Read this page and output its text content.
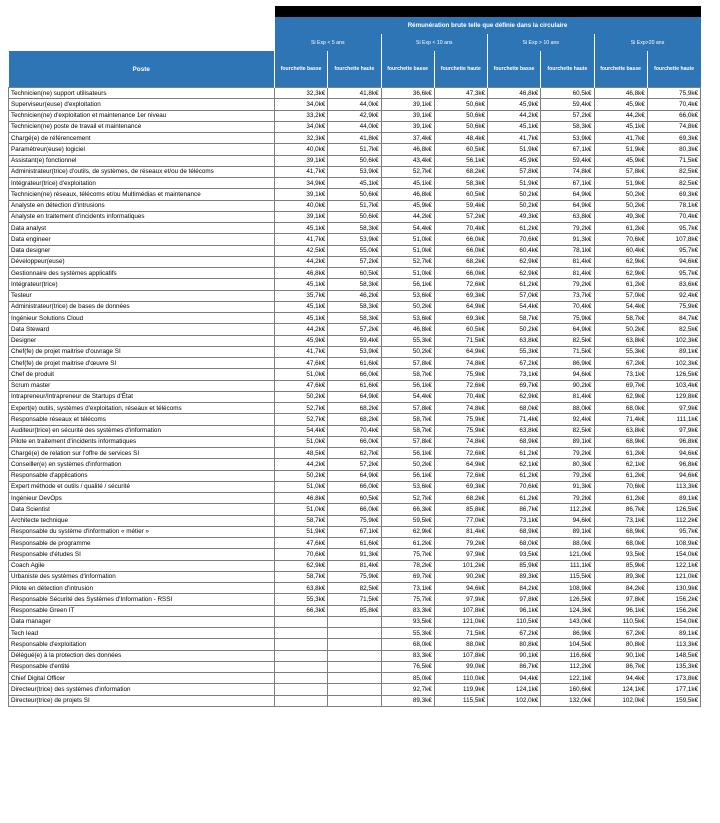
	Rémunération brute telle que définie dans la circulaire							
	Si Exp < 5 ans		Si Exp < 10 ans		Si Exp > 10 ans		Si Exp>20 ans	
Poste	fourchette basse	fourchette haute	fourchette basse	fourchette haute	fourchette basse	fourchette haute	fourchette basse	fourchette haute
Technicien(ne) support utilisateurs	32,3k€	41,8k€	36,6k€	47,3k€	46,8k€	60,5k€	46,8k€	75,9k€
Superviseur(euse) d'exploitation	34,0k€	44,0k€	39,1k€	50,6k€	45,9k€	59,4k€	45,9k€	70,4k€
Technicien(ne) d'exploitation et maintenance 1er niveau	33,2k€	42,9k€	39,1k€	50,6k€	44,2k€	57,2k€	44,2k€	66,0k€
Technicien(ne) poste de travail et maintenance	34,0k€	44,0k€	39,1k€	50,6k€	45,1k€	58,3k€	45,1k€	74,8k€
Chargé(e) de référencement	32,3k€	41,8k€	37,4k€	48,4k€	41,7k€	53,9k€	41,7k€	69,3k€
Paramétreur(euse) logiciel	40,0k€	51,7k€	46,8k€	60,5k€	51,9k€	67,1k€	51,9k€	80,3k€
Assistant(e) fonctionnel	39,1k€	50,6k€	43,4k€	56,1k€	45,9k€	59,4k€	45,9k€	71,5k€
Administrateur(trice) d'outils, de systèmes, de réseaux et/ou de télécoms	41,7k€	53,9k€	52,7k€	68,2k€	57,8k€	74,8k€	57,8k€	82,5k€
Intégrateur(trice) d'exploitation	34,9k€	45,1k€	45,1k€	58,3k€	51,9k€	67,1k€	51,9k€	82,5k€
Technicien(ne) réseaux, télécoms et/ou Multimédias et maintenance	39,1k€	50,6k€	46,8k€	60,5k€	50,2k€	64,9k€	50,2k€	69,3k€
Analyste en détection d'intrusions	40,0k€	51,7k€	45,9k€	59,4k€	50,2k€	64,9k€	50,2k€	78,1k€
Analyste en traitement d'incidents informatiques	39,1k€	50,6k€	44,2k€	57,2k€	49,3k€	63,8k€	49,3k€	70,4k€
Data analyst	45,1k€	58,3k€	54,4k€	70,4k€	61,2k€	79,2k€	61,2k€	95,7k€
Data engineer	41,7k€	53,9k€	51,0k€	66,0k€	70,6k€	91,3k€	70,6k€	107,8k€
Data designer	42,5k€	55,0k€	51,0k€	66,0k€	60,4k€	78,1k€	60,4k€	95,7k€
Développeur(euse)	44,2k€	57,2k€	52,7k€	68,2k€	62,9k€	81,4k€	62,9k€	94,6k€
Gestionnaire des systèmes applicatifs	46,8k€	60,5k€	51,0k€	66,0k€	62,9k€	81,4k€	62,9k€	95,7k€
Intégrateur(trice)	45,1k€	58,3k€	56,1k€	72,6k€	61,2k€	79,2k€	61,2k€	83,6k€
Testeur	35,7k€	46,2k€	53,6k€	69,3k€	57,0k€	73,7k€	57,0k€	92,4k€
Administrateur(trice) de bases de données	45,1k€	58,3k€	50,2k€	64,9k€	54,4k€	70,4k€	54,4k€	75,9k€
Ingénieur Solutions Cloud	45,1k€	58,3k€	53,6k€	69,3k€	58,7k€	75,9k€	58,7k€	84,7k€
Data Steward	44,2k€	57,2k€	46,8k€	60,5k€	50,2k€	64,9k€	50,2k€	82,5k€
Designer	45,9k€	59,4k€	55,3k€	71,5k€	63,8k€	82,5k€	63,8k€	102,3k€
Chef(fe) de projet maitrise d'ouvrage SI	41,7k€	53,9k€	50,2k€	64,9k€	55,3k€	71,5k€	55,3k€	89,1k€
Chef(fe) de projet maitrise d'œuvre SI	47,6k€	61,6k€	57,8k€	74,8k€	67,2k€	86,9k€	67,2k€	102,3k€
Chef de produit	51,0k€	66,0k€	58,7k€	75,9k€	73,1k€	94,6k€	73,1k€	126,5k€
Scrum master	47,6k€	61,6k€	56,1k€	72,6k€	69,7k€	90,2k€	69,7k€	103,4k€
Intrapreneur/Intrapreneur de Startups d'État	50,2k€	64,9k€	54,4k€	70,4k€	62,9k€	81,4k€	62,9k€	129,8k€
Expert(e) outils, systèmes d'exploitation, réseaux et télécoms	52,7k€	68,2k€	57,8k€	74,8k€	68,0k€	88,0k€	68,0k€	97,9k€
Responsable réseaux et télécoms	52,7k€	68,2k€	58,7k€	75,9k€	71,4k€	92,4k€	71,4k€	111,1k€
Auditeur(trice) en sécurité des systèmes d'information	54,4k€	70,4k€	58,7k€	75,9k€	63,8k€	82,5k€	63,8k€	97,9k€
Pilote en traitement d'incidents informatiques	51,0k€	66,0k€	57,8k€	74,8k€	68,9k€	89,1k€	68,9k€	96,8k€
Chargé(e) de relation sur l'offre de services SI	48,5k€	62,7k€	56,1k€	72,6k€	61,2k€	79,2k€	61,2k€	94,6k€
Conseiller(e) en systèmes d'information	44,2k€	57,2k€	50,2k€	64,9k€	62,1k€	80,3k€	62,1k€	96,8k€
Responsable d'applications	50,2k€	64,9k€	56,1k€	72,6k€	61,2k€	79,2k€	61,2k€	94,6k€
Expert méthode et outils / qualité / sécurité	51,0k€	66,0k€	53,6k€	69,3k€	70,6k€	91,3k€	70,6k€	113,3k€
Ingénieur DevOps	46,8k€	60,5k€	52,7k€	68,2k€	61,2k€	79,2k€	61,2k€	89,1k€
Data Scientist	51,0k€	66,0k€	66,3k€	85,8k€	86,7k€	112,2k€	86,7k€	126,5k€
Architecte technique	58,7k€	75,9k€	59,5k€	77,0k€	73,1k€	94,6k€	73,1k€	112,2k€
Responsable du système d'information « métier »	51,9k€	67,1k€	62,9k€	81,4k€	68,9k€	89,1k€	68,9k€	95,7k€
Responsable de programme	47,6k€	61,6k€	61,2k€	79,2k€	68,0k€	88,0k€	68,0k€	108,9k€
Responsable d'études SI	70,6k€	91,3k€	75,7k€	97,9k€	93,5k€	121,0k€	93,5k€	154,0k€
Coach Agile	62,9k€	81,4k€	78,2k€	101,2k€	85,9k€	111,1k€	85,9k€	122,1k€
Urbaniste des systèmes d'information	58,7k€	75,9k€	69,7k€	90,2k€	89,3k€	115,5k€	89,3k€	121,0k€
Pilote en détection d'intrusion	63,8k€	82,5k€	73,1k€	94,6k€	84,2k€	108,9k€	84,2k€	130,9k€
Responsable Sécurité des Systèmes d'Information - RSSI	55,3k€	71,5k€	75,7k€	97,9k€	97,8k€	126,5k€	97,8k€	156,2k€
Responsable Green IT	66,3k€	85,8k€	83,3k€	107,8k€	96,1k€	124,3k€	96,1k€	156,2k€
Data manager			93,5k€	121,0k€	110,5k€	143,0k€	110,5k€	154,0k€
Tech lead			55,3k€	71,5k€	67,2k€	86,9k€	67,2k€	89,1k€
Responsable d'exploitation			68,0k€	88,0k€	80,8k€	104,5k€	80,8k€	113,3k€
Délégué(e) à la protection des données			83,3k€	107,8k€	90,1k€	116,6k€	90,1k€	148,5k€
Responsable d'entité			76,5k€	99,0k€	86,7k€	112,2k€	86,7k€	135,3k€
Chief Digital Officer			85,0k€	110,0k€	94,4k€	122,1k€	94,4k€	173,8k€
Directeur(trice) des systèmes d'information			92,7k€	119,9k€	124,1k€	160,6k€	124,1k€	177,1k€
Directeur(trice) de projets SI			89,3k€	115,5k€	102,0k€	132,0k€	102,0k€	159,5k€
